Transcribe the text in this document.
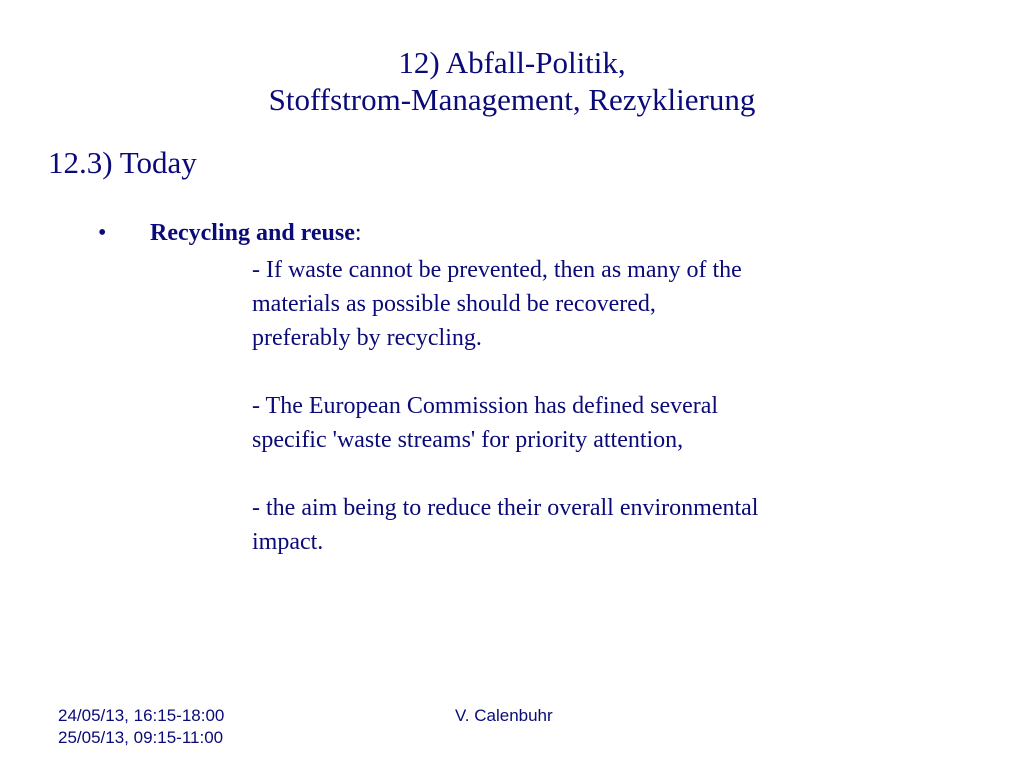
12) Abfall-Politik,
Stoffstrom-Management, Rezyklierung
12.3) Today
• Recycling and reuse:
- If waste cannot be prevented, then as many of the
materials as possible should be recovered,
preferably by recycling.
- The European Commission has defined several
specific 'waste streams' for priority attention,
- the aim being to reduce their overall environmental
impact.
24/05/13, 16:15-18:00
25/05/13, 09:15-11:00
V. Calenbuhr
